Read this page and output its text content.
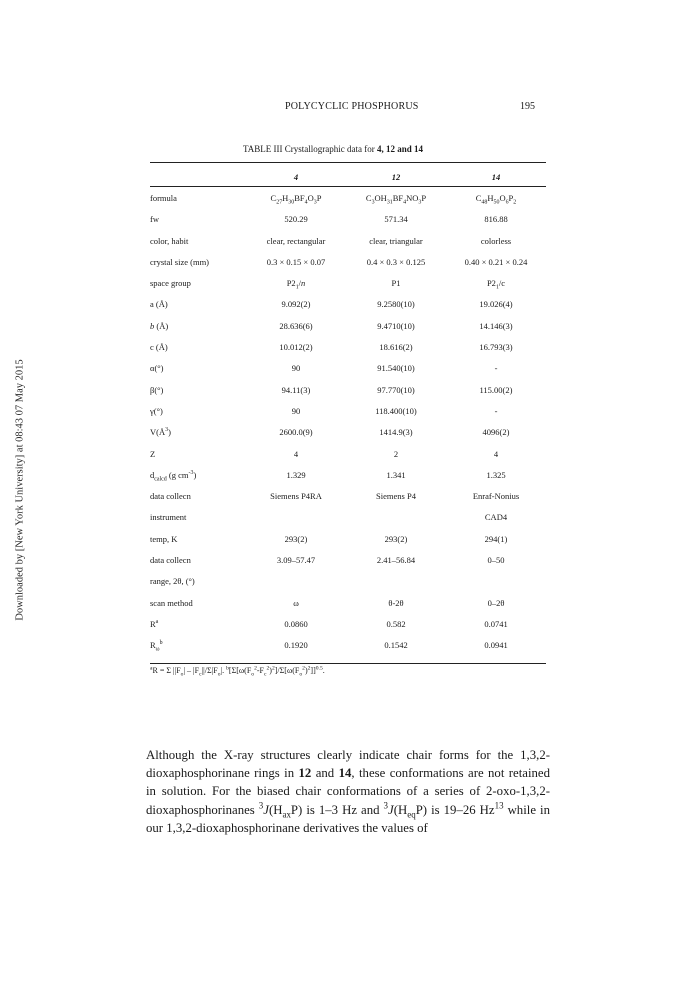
POLYCYCLIC PHOSPHORUS	195
Downloaded by [New York University] at 08:43 07 May 2015
TABLE III Crystallographic data for 4, 12 and 14
	4	12	14
formula	$C_{27}H_{30}BF_4O_3P$	$C_3OH_{31}BF_4NO_3P$	$C_{48}H_{50}O_6P_2$
fw	520.29	571.34	816.88
color, habit	clear, rectangular	clear, triangular	colorless
crystal size (mm)	0.3 × 0.15 × 0.07	0.4 × 0.3 × 0.125	0.40 × 0.21 × 0.24
space group	$P2_1/n$	P1	$P2_1/c$
a (Å)	9.092(2)	9.2580(10)	19.026(4)
b (Å)	28.636(6)	9.4710(10)	14.146(3)
c (Å)	10.012(2)	18.616(2)	16.793(3)
α(°)	90	91.540(10)	-
β(°)	94.11(3)	97.770(10)	115.00(2)
γ(°)	90	118.400(10)	-
$V(Å^3)$	2600.0(9)	1414.9(3)	4096(2)
Z	4	2	4
$d_{calcd}$ (g $cm^{-3}$)	1.329	1.341	1.325
data collecn	Siemens P4RA	Siemens P4	Enraf-Nonius
instrument			CAD4
temp, K	293(2)	293(2)	294(1)
data collecn	3.09–57.47	2.41–56.84	0–50
range, 2θ, (°)			
scan method	ω	θ-2θ	0–2θ
$R^a$	0.0860	0.582	0.0741
$R_\omega^b$	0.1920	0.1542	0.0941
$^a$R = Σ $||F_o| - |F_c||/\Sigma|F_o|$. $^b[\Sigma[\omega(F_o^2-F_c^2)^2]/\Sigma[\omega(F_o^2)^2]]^{0.5}$.
Although the X-ray structures clearly indicate chair forms for the 1,3,2-dioxaphosphorinane rings in 12 and 14, these conformations are not retained in solution. For the biased chair conformations of a series of 2-oxo-1,3,2-dioxaphosphorinanes $^3J(H_{ax}P)$ is 1–3 Hz and $^3J(H_{eq}P)$ is 19–26 Hz$^{13}$ while in our 1,3,2-dioxaphosphorinane derivatives the values of
